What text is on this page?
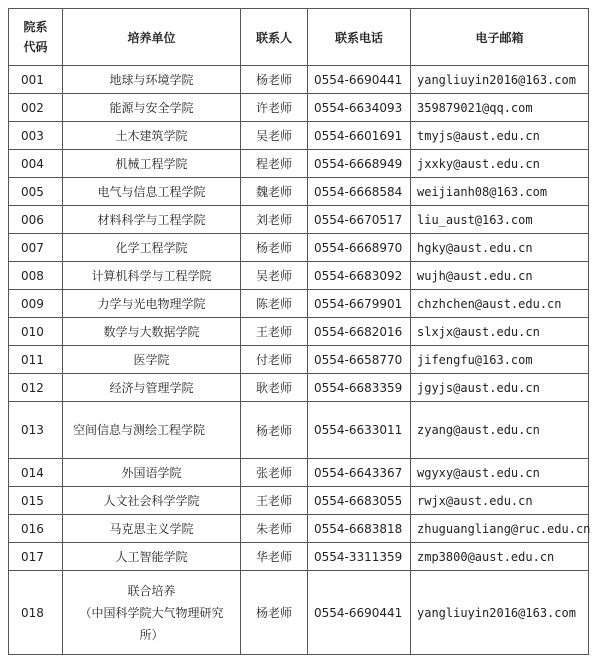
院系
代码	培养单位	联系人	联系电话	电子邮箱
001	地球与环境学院	杨老师	0554-6690441	yangliuyin2016@163.com
002	能源与安全学院	许老师	0554-6634093	359879021@qq.com
003	土木建筑学院	吴老师	0554-6601691	tmyjs@aust.edu.cn
004	机械工程学院	程老师	0554-6668949	jxxky@aust.edu.cn
005	电气与信息工程学院	魏老师	0554-6668584	weijianh08@163.com
006	材料科学与工程学院	刘老师	0554-6670517	liu_aust@163.com
007	化学工程学院	杨老师	0554-6668970	hgky@aust.edu.cn
008	计算机科学与工程学院	吴老师	0554-6683092	wujh@aust.edu.cn
009	力学与光电物理学院	陈老师	0554-6679901	chzhchen@aust.edu.cn
010	数学与大数据学院	王老师	0554-6682016	slxjx@aust.edu.cn
011	医学院	付老师	0554-6658770	jifengfu@163.com
012	经济与管理学院	耿老师	0554-6683359	jgyjs@aust.edu.cn
013	空间信息与测绘工程学院	杨老师	0554-6633011	zyang@aust.edu.cn
014	外国语学院	张老师	0554-6643367	wgyxy@aust.edu.cn
015	人文社会科学学院	王老师	0554-6683055	rwjx@aust.edu.cn
016	马克思主义学院	朱老师	0554-6683818	zhuguangliang@ruc.edu.cn
017	人工智能学院	华老师	0554-3311359	zmp3800@aust.edu.cn
018	联合培养
（中国科学院大气物理研究
所）	杨老师	0554-6690441	yangliuyin2016@163.com
